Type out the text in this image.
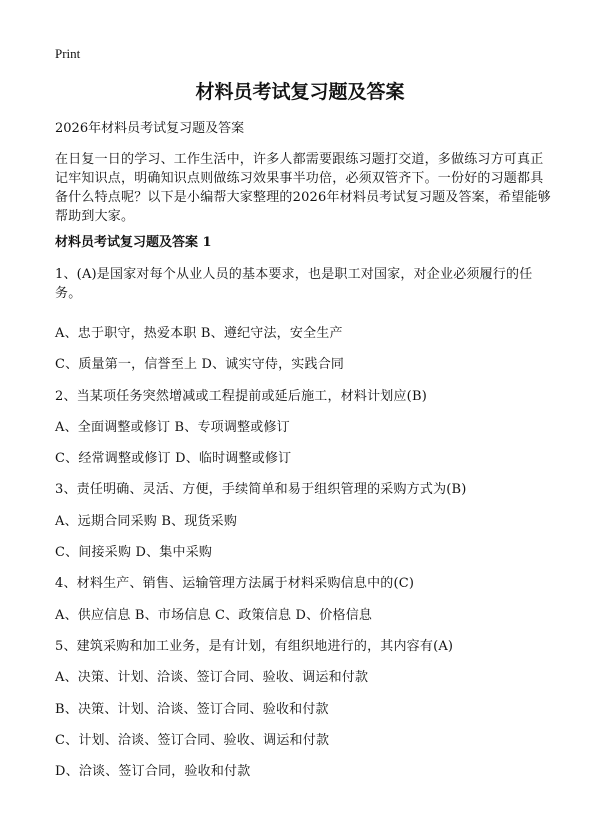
Print
材料员考试复习题及答案
2026年材料员考试复习题及答案
在日复一日的学习、工作生活中，许多人都需要跟练习题打交道，多做练习方可真正记牢知识点，明确知识点则做练习效果事半功倍，必须双管齐下。一份好的习题都具备什么特点呢？以下是小编帮大家整理的2026年材料员考试复习题及答案，希望能够帮助到大家。
材料员考试复习题及答案 1

1、(A)是国家对每个从业人员的基本要求，也是职工对国家，对企业必须履行的任务。

A、忠于职守，热爱本职 B、遵纪守法，安全生产

C、质量第一，信誉至上 D、诚实守侍，实践合同

2、当某项任务突然增减或工程提前或延后施工，材料计划应(B)

A、全面调整或修订 B、专项调整或修订

C、经常调整或修订 D、临时调整或修订

3、责任明确、灵活、方便，手续简单和易于组织管理的采购方式为(B)

A、远期合同采购 B、现货采购

C、间接采购 D、集中采购

4、材料生产、销售、运输管理方法属于材料采购信息中的(C)

A、供应信息 B、市场信息 C、政策信息 D、价格信息

5、建筑采购和加工业务，是有计划，有组织地进行的，其内容有(A)

A、决策、计划、洽谈、签订合同、验收、调运和付款

B、决策、计划、洽谈、签订合同、验收和付款

C、计划、洽谈、签订合同、验收、调运和付款

D、洽谈、签订合同，验收和付款
